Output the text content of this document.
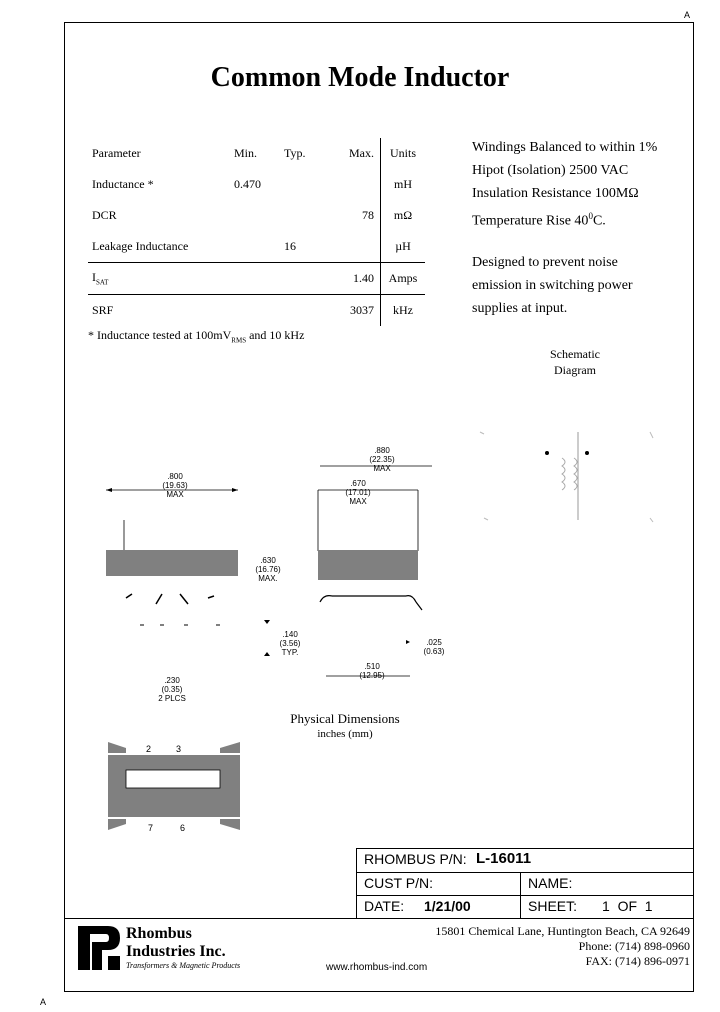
A
A
Common Mode Inductor
Parameter	Min.	Typ.	Max.	Units
Inductance *	0.470			mH
DCR			78	mΩ
Leakage Inductance		16		µH
$I_{SAT}$			1.40	Amps
SRF			3037	kHz
* Inductance tested at $100mV_{RMS}$ and 10 kHz
Windings Balanced to within 1%
Hipot (Isolation) 2500 VAC
Insulation Resistance 100MΩ
Temperature Rise $40^0C$.
Designed to prevent noise
emission in switching power
supplies at input.
Schematic
Diagram
.800
(19.63)
MAX
.630
(16.76)
MAX.
.880
(22.35)
MAX
.670
(17.01)
MAX
.140
(3.56)
TYP.
.025
(0.63)
.510
(12.95)
.230
(0.35)
2 PLCS
Physical Dimensions
inches (mm)
2	3
7	6
RHOMBUS P/N: L-16011
CUST P/N:	NAME:
DATE: 1/21/00	SHEET: 1  OF  1
Rhombus
Industries Inc.
Transformers & Magnetic Products
15801 Chemical Lane, Huntington Beach, CA 92649
Phone: (714) 898-0960
FAX: (714) 896-0971
www.rhombus-ind.com
